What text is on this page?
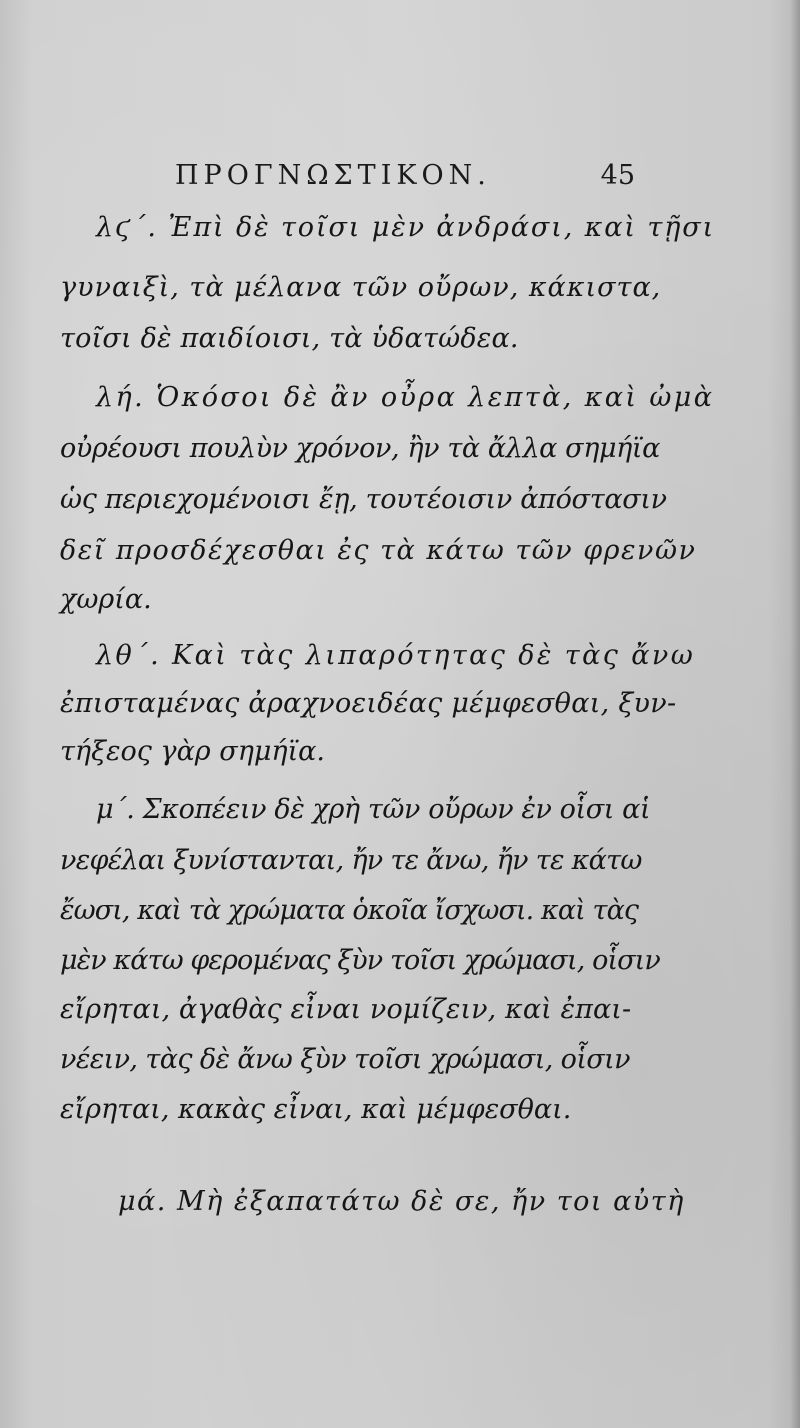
ΠΡΟΓΝΩΣΤΙΚΟΝ.	45
λϛ΄. Ἐπὶ δὲ τοῖσι μὲν ἀνδράσι, καὶ τῇσι
γυναιξὶ, τὰ μέλανα τῶν οὔρων, κάκιστα,
τοῖσι δὲ παιδίοισι, τὰ ὑδατώδεα.
λή. Ὁκόσοι δὲ ἂν οὖρα λεπτὰ, καὶ ὠμὰ
οὐρέουσι πουλὺν χρόνον, ἢν τὰ ἄλλα σημήϊα
ὡς περιεχομένοισι ἔῃ, τουτέοισιν ἀπόστασιν
δεῖ προσδέχεσθαι ἐς τὰ κάτω τῶν φρενῶν
χωρία.
λθ΄. Καὶ τὰς λιπαρότητας δὲ τὰς ἄνω
ἐπισταμένας ἀραχνοειδέας μέμφεσθαι, ξυν-
τήξεος γὰρ σημήϊα.
μ΄. Σκοπέειν δὲ χρὴ τῶν οὔρων ἐν οἷσι αἱ
νεφέλαι ξυνίστανται, ἤν τε ἄνω, ἤν τε κάτω
ἔωσι, καὶ τὰ χρώματα ὁκοῖα ἴσχωσι. καὶ τὰς
μὲν κάτω φερομένας ξὺν τοῖσι χρώμασι, οἷσιν
εἴρηται, ἀγαθὰς εἶναι νομίζειν, καὶ ἐπαι-
νέειν, τὰς δὲ ἄνω ξὺν τοῖσι χρώμασι, οἷσιν
εἴρηται, κακὰς εἶναι, καὶ μέμφεσθαι.
μά. Μὴ ἐξαπατάτω δὲ σε, ἤν τοι αὐτὴ
